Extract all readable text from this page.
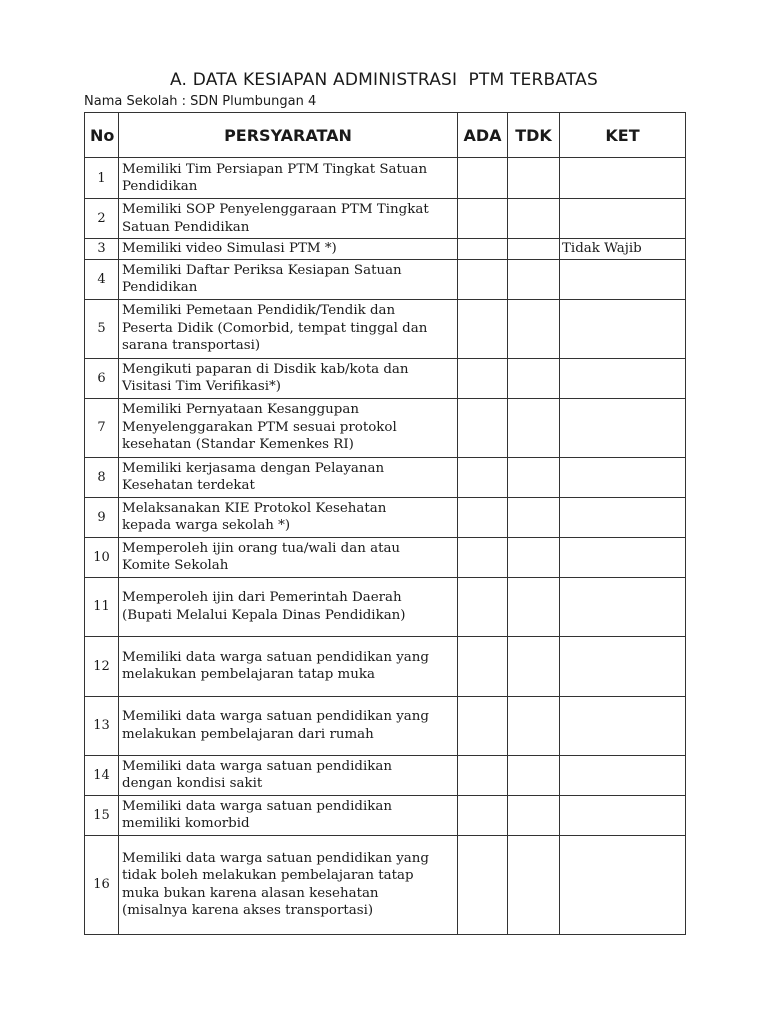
A. DATA KESIAPAN ADMINISTRASI  PTM TERBATAS
Nama Sekolah : SDN Plumbungan 4
No	PERSYARATAN	ADA	TDK	KET
1	Memiliki Tim Persiapan PTM Tingkat Satuan
Pendidikan			
2	Memiliki SOP Penyelenggaraan PTM Tingkat
Satuan Pendidikan			
3	Memiliki video Simulasi PTM *)			Tidak Wajib
4	Memiliki Daftar Periksa Kesiapan Satuan
Pendidikan			
5	Memiliki Pemetaan Pendidik/Tendik dan
Peserta Didik (Comorbid, tempat tinggal dan
sarana transportasi)			
6	Mengikuti paparan di Disdik kab/kota dan
Visitasi Tim Verifikasi*)			
7	Memiliki Pernyataan Kesanggupan
Menyelenggarakan PTM sesuai protokol
kesehatan (Standar Kemenkes RI)			
8	Memiliki kerjasama dengan Pelayanan
Kesehatan terdekat			
9	Melaksanakan KIE Protokol Kesehatan
kepada warga sekolah *)			
10	Memperoleh ijin orang tua/wali dan atau
Komite Sekolah			
11	Memperoleh ijin dari Pemerintah Daerah
(Bupati Melalui Kepala Dinas Pendidikan)			
12	Memiliki data warga satuan pendidikan yang
melakukan pembelajaran tatap muka			
13	Memiliki data warga satuan pendidikan yang
melakukan pembelajaran dari rumah			
14	Memiliki data warga satuan pendidikan
dengan kondisi sakit			
15	Memiliki data warga satuan pendidikan
memiliki komorbid			
16	Memiliki data warga satuan pendidikan yang
tidak boleh melakukan pembelajaran tatap
muka bukan karena alasan kesehatan
(misalnya karena akses transportasi)			
